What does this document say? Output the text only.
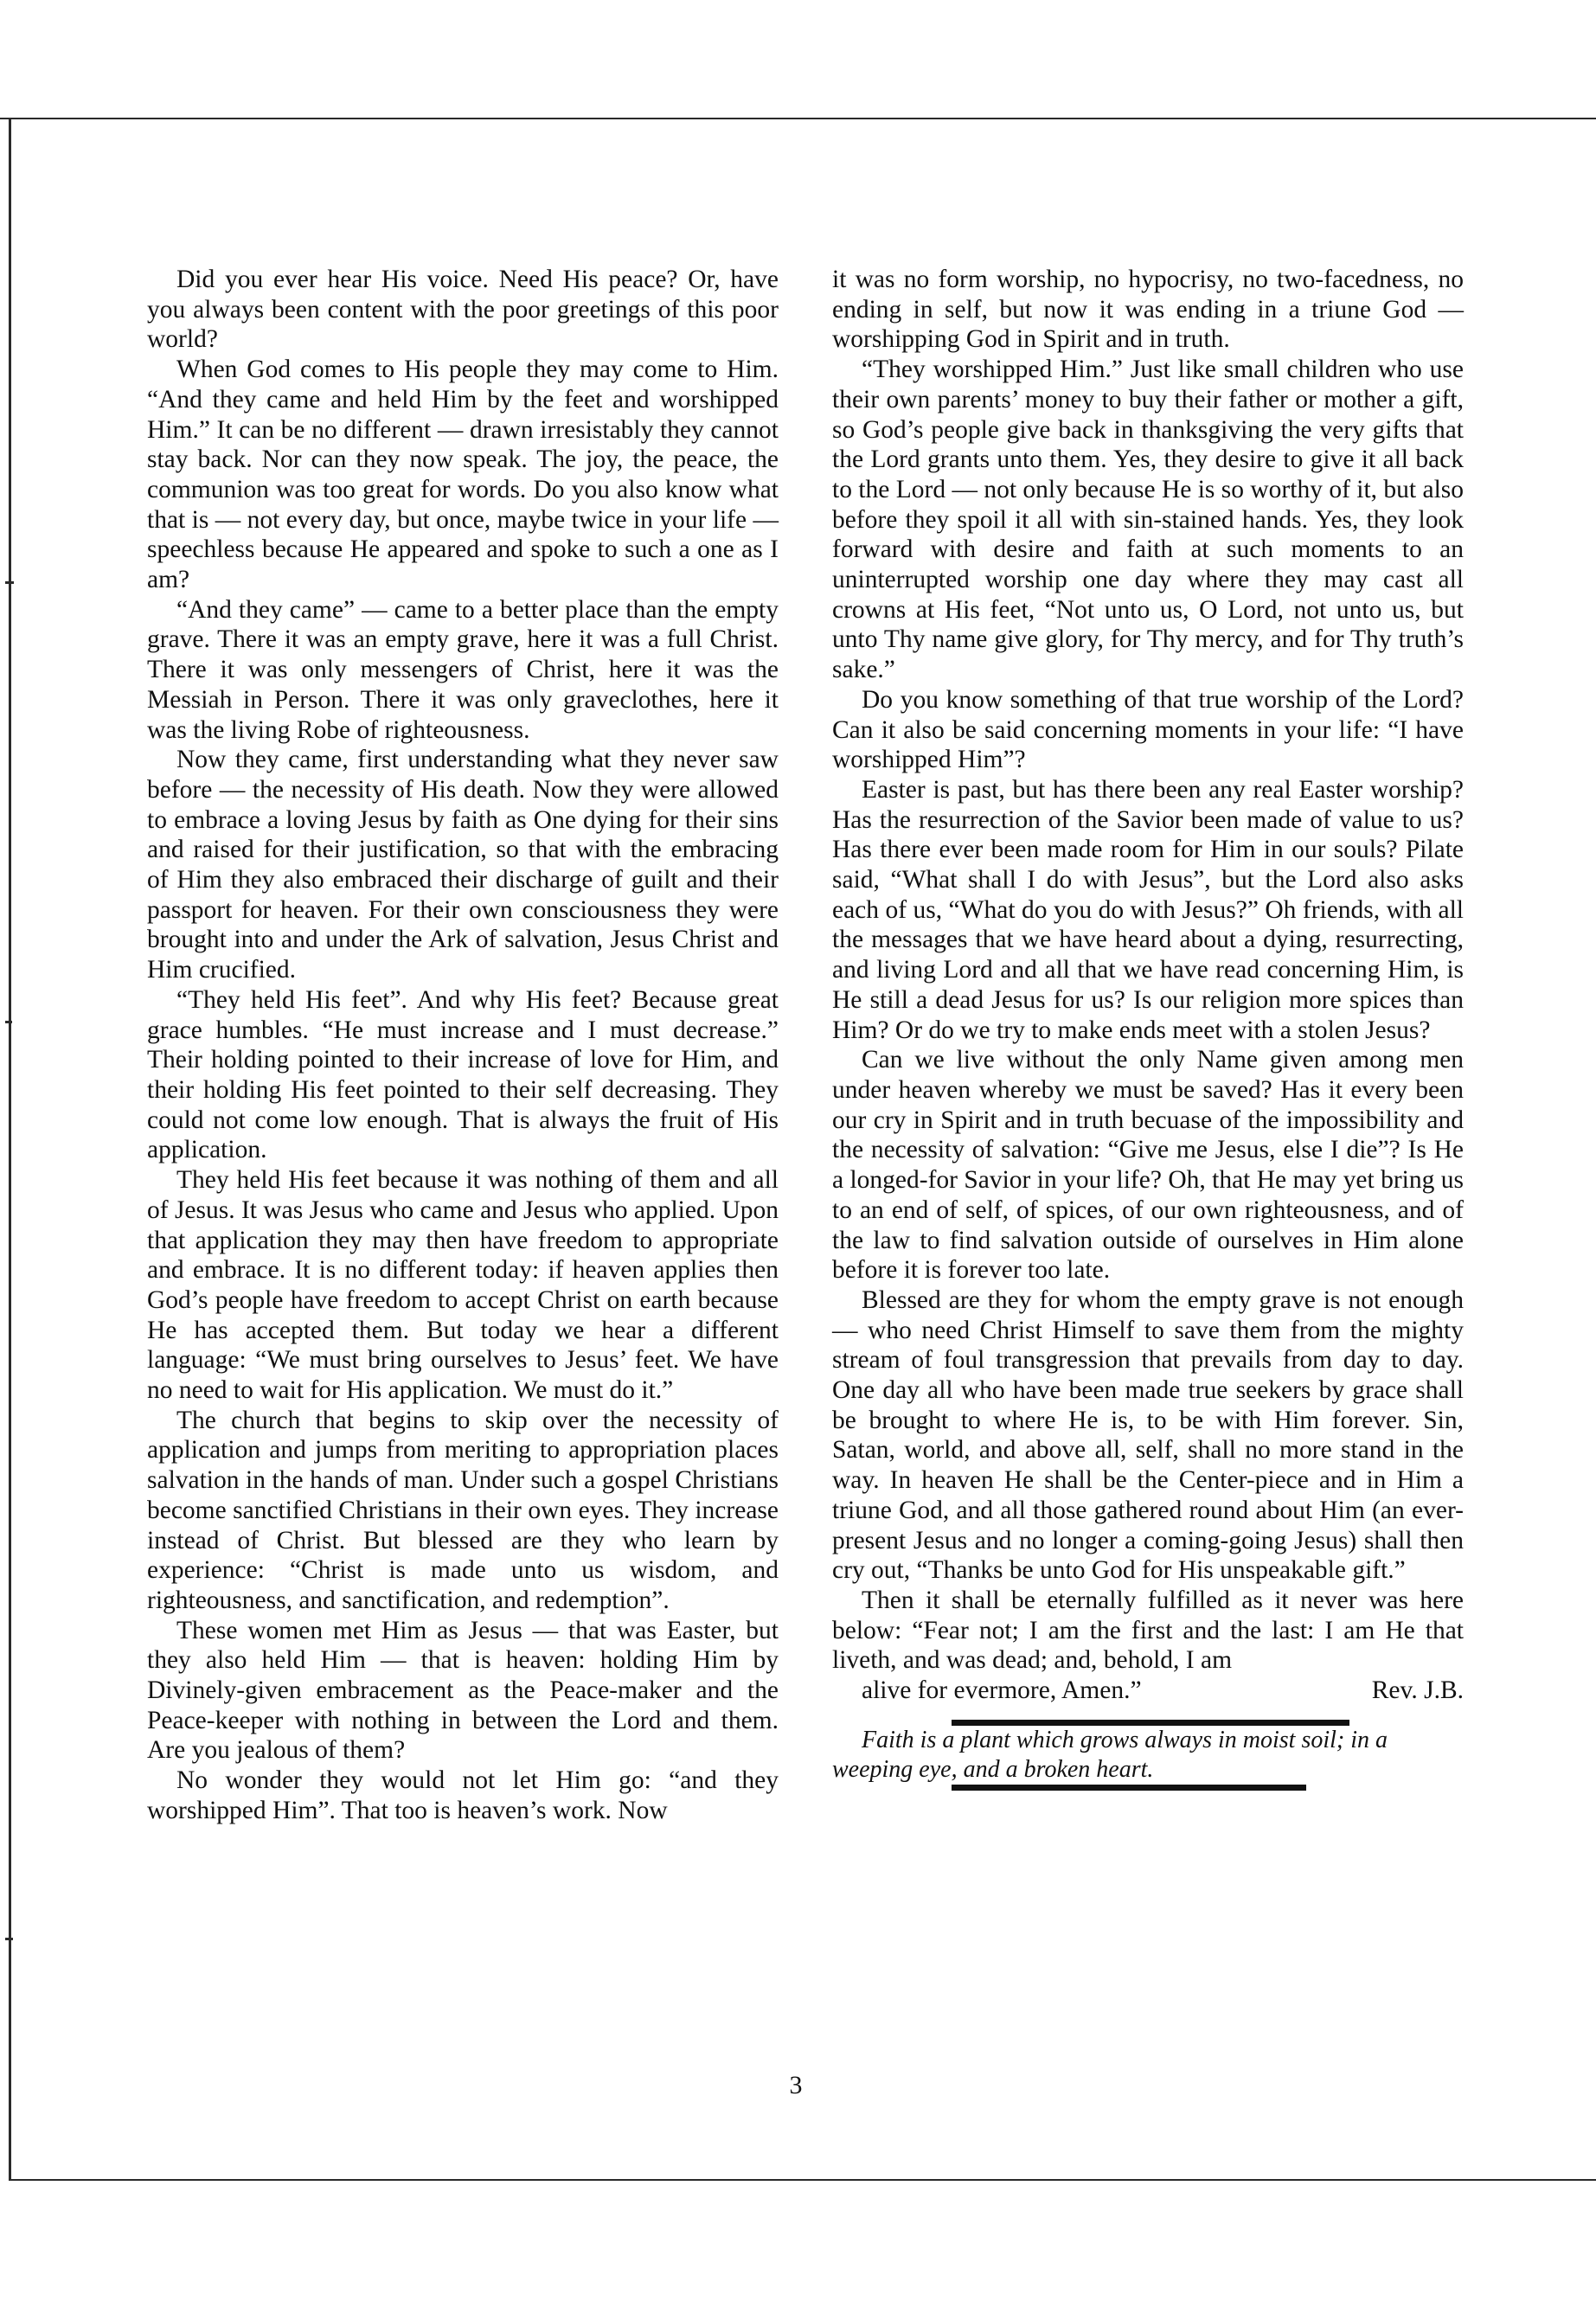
Did you ever hear His voice. Need His peace? Or, have you always been content with the poor greetings of this poor world?

When God comes to His people they may come to Him. “And they came and held Him by the feet and worshipped Him.” It can be no different — drawn irresistably they cannot stay back. Nor can they now speak. The joy, the peace, the communion was too great for words. Do you also know what that is — not every day, but once, maybe twice in your life — speechless because He appeared and spoke to such a one as I am?

“And they came” — came to a better place than the empty grave. There it was an empty grave, here it was a full Christ. There it was only messengers of Christ, here it was the Messiah in Person. There it was only graveclothes, here it was the living Robe of righteousness.

Now they came, first understanding what they never saw before — the necessity of His death. Now they were allowed to embrace a loving Jesus by faith as One dying for their sins and raised for their justification, so that with the embracing of Him they also embraced their discharge of guilt and their passport for heaven. For their own consciousness they were brought into and under the Ark of salvation, Jesus Christ and Him crucified.

“They held His feet”. And why His feet? Because great grace humbles. “He must increase and I must decrease.” Their holding pointed to their increase of love for Him, and their holding His feet pointed to their self decreasing. They could not come low enough. That is always the fruit of His application.

They held His feet because it was nothing of them and all of Jesus. It was Jesus who came and Jesus who applied. Upon that application they may then have freedom to appropriate and embrace. It is no different today: if heaven applies then God’s people have freedom to accept Christ on earth because He has accepted them. But today we hear a different language: “We must bring ourselves to Jesus’ feet. We have no need to wait for His application. We must do it.”

The church that begins to skip over the necessity of application and jumps from meriting to appropriation places salvation in the hands of man. Under such a gospel Christians become sanctified Christians in their own eyes. They increase instead of Christ. But blessed are they who learn by experience: “Christ is made unto us wisdom, and righteousness, and sanctification, and redemption”.

These women met Him as Jesus — that was Easter, but they also held Him — that is heaven: holding Him by Divinely-given embracement as the Peace-maker and the Peace-keeper with nothing in between the Lord and them. Are you jealous of them?

No wonder they would not let Him go: “and they worshipped Him”. That too is heaven’s work. Now

it was no form worship, no hypocrisy, no two-facedness, no ending in self, but now it was ending in a triune God — worshipping God in Spirit and in truth.

“They worshipped Him.” Just like small children who use their own parents’ money to buy their father or mother a gift, so God’s people give back in thanksgiving the very gifts that the Lord grants unto them. Yes, they desire to give it all back to the Lord — not only because He is so worthy of it, but also before they spoil it all with sin-stained hands. Yes, they look forward with desire and faith at such moments to an uninterrupted worship one day where they may cast all crowns at His feet, “Not unto us, O Lord, not unto us, but unto Thy name give glory, for Thy mercy, and for Thy truth’s sake.”

Do you know something of that true worship of the Lord? Can it also be said concerning moments in your life: “I have worshipped Him”?

Easter is past, but has there been any real Easter worship? Has the resurrection of the Savior been made of value to us? Has there ever been made room for Him in our souls? Pilate said, “What shall I do with Jesus”, but the Lord also asks each of us, “What do you do with Jesus?” Oh friends, with all the messages that we have heard about a dying, resurrecting, and living Lord and all that we have read concerning Him, is He still a dead Jesus for us? Is our religion more spices than Him? Or do we try to make ends meet with a stolen Jesus?

Can we live without the only Name given among men under heaven whereby we must be saved? Has it every been our cry in Spirit and in truth becuase of the impossibility and the necessity of salvation: “Give me Jesus, else I die”? Is He a longed-for Savior in your life? Oh, that He may yet bring us to an end of self, of spices, of our own righteousness, and of the law to find salvation outside of ourselves in Him alone before it is forever too late.

Blessed are they for whom the empty grave is not enough — who need Christ Himself to save them from the mighty stream of foul transgression that prevails from day to day. One day all who have been made true seekers by grace shall be brought to where He is, to be with Him forever. Sin, Satan, world, and above all, self, shall no more stand in the way. In heaven He shall be the Center-piece and in Him a triune God, and all those gathered round about Him (an ever-present Jesus and no longer a coming-going Jesus) shall then cry out, “Thanks be unto God for His unspeakable gift.”

Then it shall be eternally fulfilled as it never was here below: “Fear not; I am the first and the last: I am He that liveth, and was dead; and, behold, I am

alive for evermore, Amen.”	Rev. J.B.

Faith is a plant which grows always in moist soil; in a weeping eye, and a broken heart.

3
